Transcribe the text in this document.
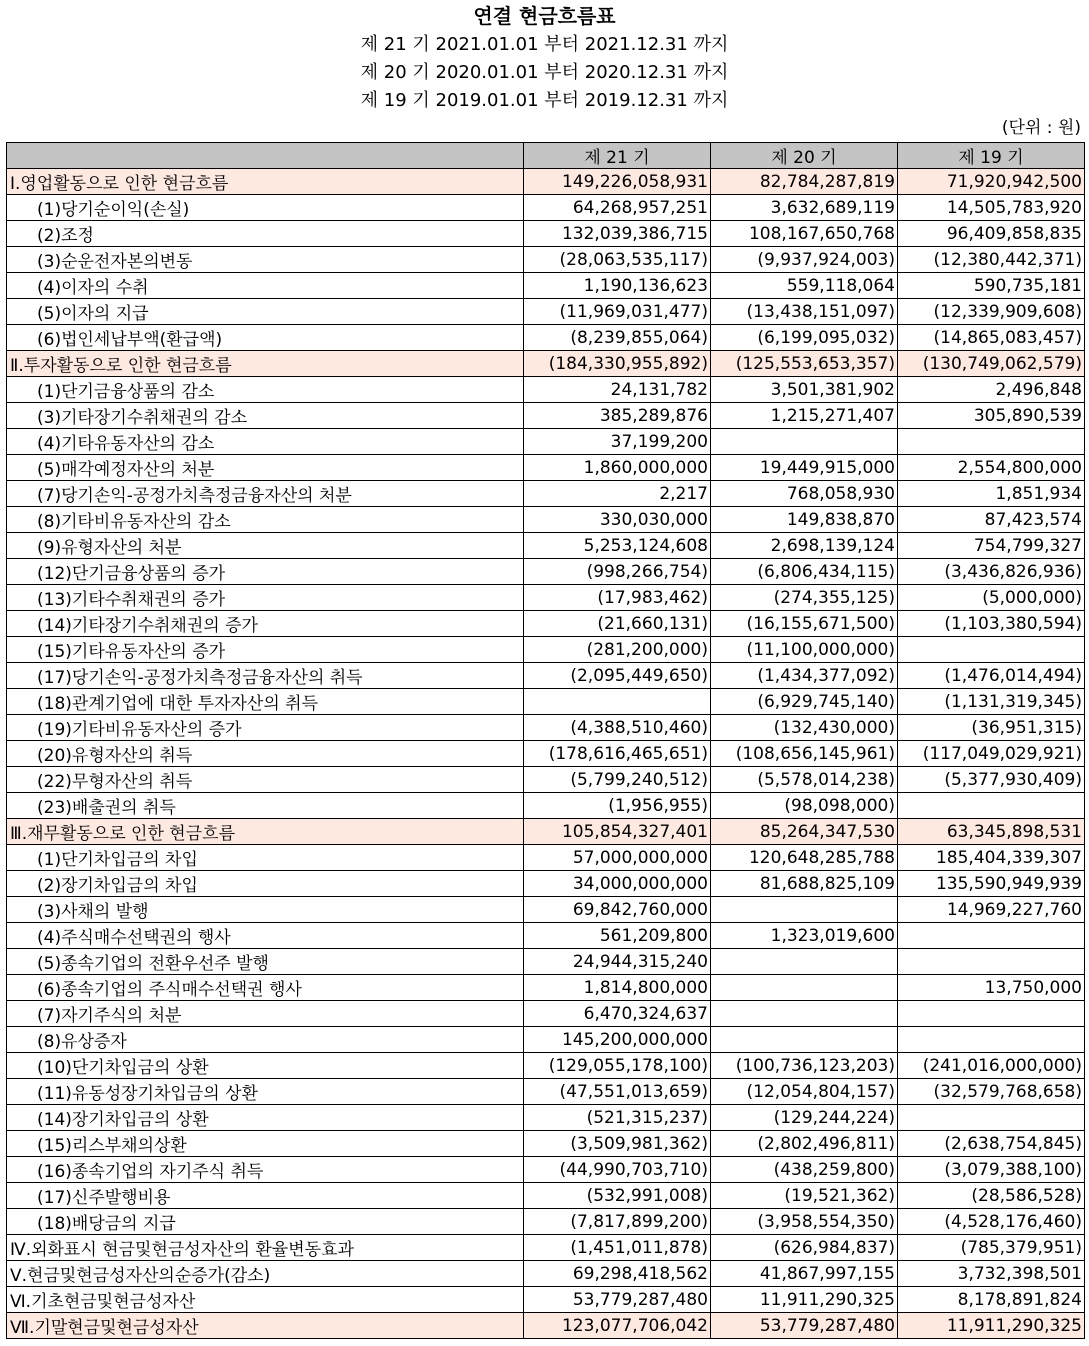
연결 현금흐름표
제 21 기 2021.01.01 부터 2021.12.31 까지
제 20 기 2020.01.01 부터 2020.12.31 까지
제 19 기 2019.01.01 부터 2019.12.31 까지
(단위 : 원)
	제 21 기	제 20 기	제 19 기
Ⅰ.영업활동으로 인한 현금흐름	149,226,058,931	82,784,287,819	71,920,942,500
(1)당기순이익(손실)	64,268,957,251	3,632,689,119	14,505,783,920
(2)조정	132,039,386,715	108,167,650,768	96,409,858,835
(3)순운전자본의변동	(28,063,535,117)	(9,937,924,003)	(12,380,442,371)
(4)이자의 수취	1,190,136,623	559,118,064	590,735,181
(5)이자의 지급	(11,969,031,477)	(13,438,151,097)	(12,339,909,608)
(6)법인세납부액(환급액)	(8,239,855,064)	(6,199,095,032)	(14,865,083,457)
Ⅱ.투자활동으로 인한 현금흐름	(184,330,955,892)	(125,553,653,357)	(130,749,062,579)
(1)단기금융상품의 감소	24,131,782	3,501,381,902	2,496,848
(3)기타장기수취채권의 감소	385,289,876	1,215,271,407	305,890,539
(4)기타유동자산의 감소	37,199,200		
(5)매각예정자산의 처분	1,860,000,000	19,449,915,000	2,554,800,000
(7)당기손익-공정가치측정금융자산의 처분	2,217	768,058,930	1,851,934
(8)기타비유동자산의 감소	330,030,000	149,838,870	87,423,574
(9)유형자산의 처분	5,253,124,608	2,698,139,124	754,799,327
(12)단기금융상품의 증가	(998,266,754)	(6,806,434,115)	(3,436,826,936)
(13)기타수취채권의 증가	(17,983,462)	(274,355,125)	(5,000,000)
(14)기타장기수취채권의 증가	(21,660,131)	(16,155,671,500)	(1,103,380,594)
(15)기타유동자산의 증가	(281,200,000)	(11,100,000,000)	
(17)당기손익-공정가치측정금융자산의 취득	(2,095,449,650)	(1,434,377,092)	(1,476,014,494)
(18)관계기업에 대한 투자자산의 취득		(6,929,745,140)	(1,131,319,345)
(19)기타비유동자산의 증가	(4,388,510,460)	(132,430,000)	(36,951,315)
(20)유형자산의 취득	(178,616,465,651)	(108,656,145,961)	(117,049,029,921)
(22)무형자산의 취득	(5,799,240,512)	(5,578,014,238)	(5,377,930,409)
(23)배출권의 취득	(1,956,955)	(98,098,000)	
Ⅲ.재무활동으로 인한 현금흐름	105,854,327,401	85,264,347,530	63,345,898,531
(1)단기차입금의 차입	57,000,000,000	120,648,285,788	185,404,339,307
(2)장기차입금의 차입	34,000,000,000	81,688,825,109	135,590,949,939
(3)사채의 발행	69,842,760,000		14,969,227,760
(4)주식매수선택권의 행사	561,209,800	1,323,019,600	
(5)종속기업의 전환우선주 발행	24,944,315,240		
(6)종속기업의 주식매수선택권 행사	1,814,800,000		13,750,000
(7)자기주식의 처분	6,470,324,637		
(8)유상증자	145,200,000,000		
(10)단기차입금의 상환	(129,055,178,100)	(100,736,123,203)	(241,016,000,000)
(11)유동성장기차입금의 상환	(47,551,013,659)	(12,054,804,157)	(32,579,768,658)
(14)장기차입금의 상환	(521,315,237)	(129,244,224)	
(15)리스부채의상환	(3,509,981,362)	(2,802,496,811)	(2,638,754,845)
(16)종속기업의 자기주식 취득	(44,990,703,710)	(438,259,800)	(3,079,388,100)
(17)신주발행비용	(532,991,008)	(19,521,362)	(28,586,528)
(18)배당금의 지급	(7,817,899,200)	(3,958,554,350)	(4,528,176,460)
Ⅳ.외화표시 현금및현금성자산의 환율변동효과	(1,451,011,878)	(626,984,837)	(785,379,951)
Ⅴ.현금및현금성자산의순증가(감소)	69,298,418,562	41,867,997,155	3,732,398,501
Ⅵ.기초현금및현금성자산	53,779,287,480	11,911,290,325	8,178,891,824
Ⅶ.기말현금및현금성자산	123,077,706,042	53,779,287,480	11,911,290,325
